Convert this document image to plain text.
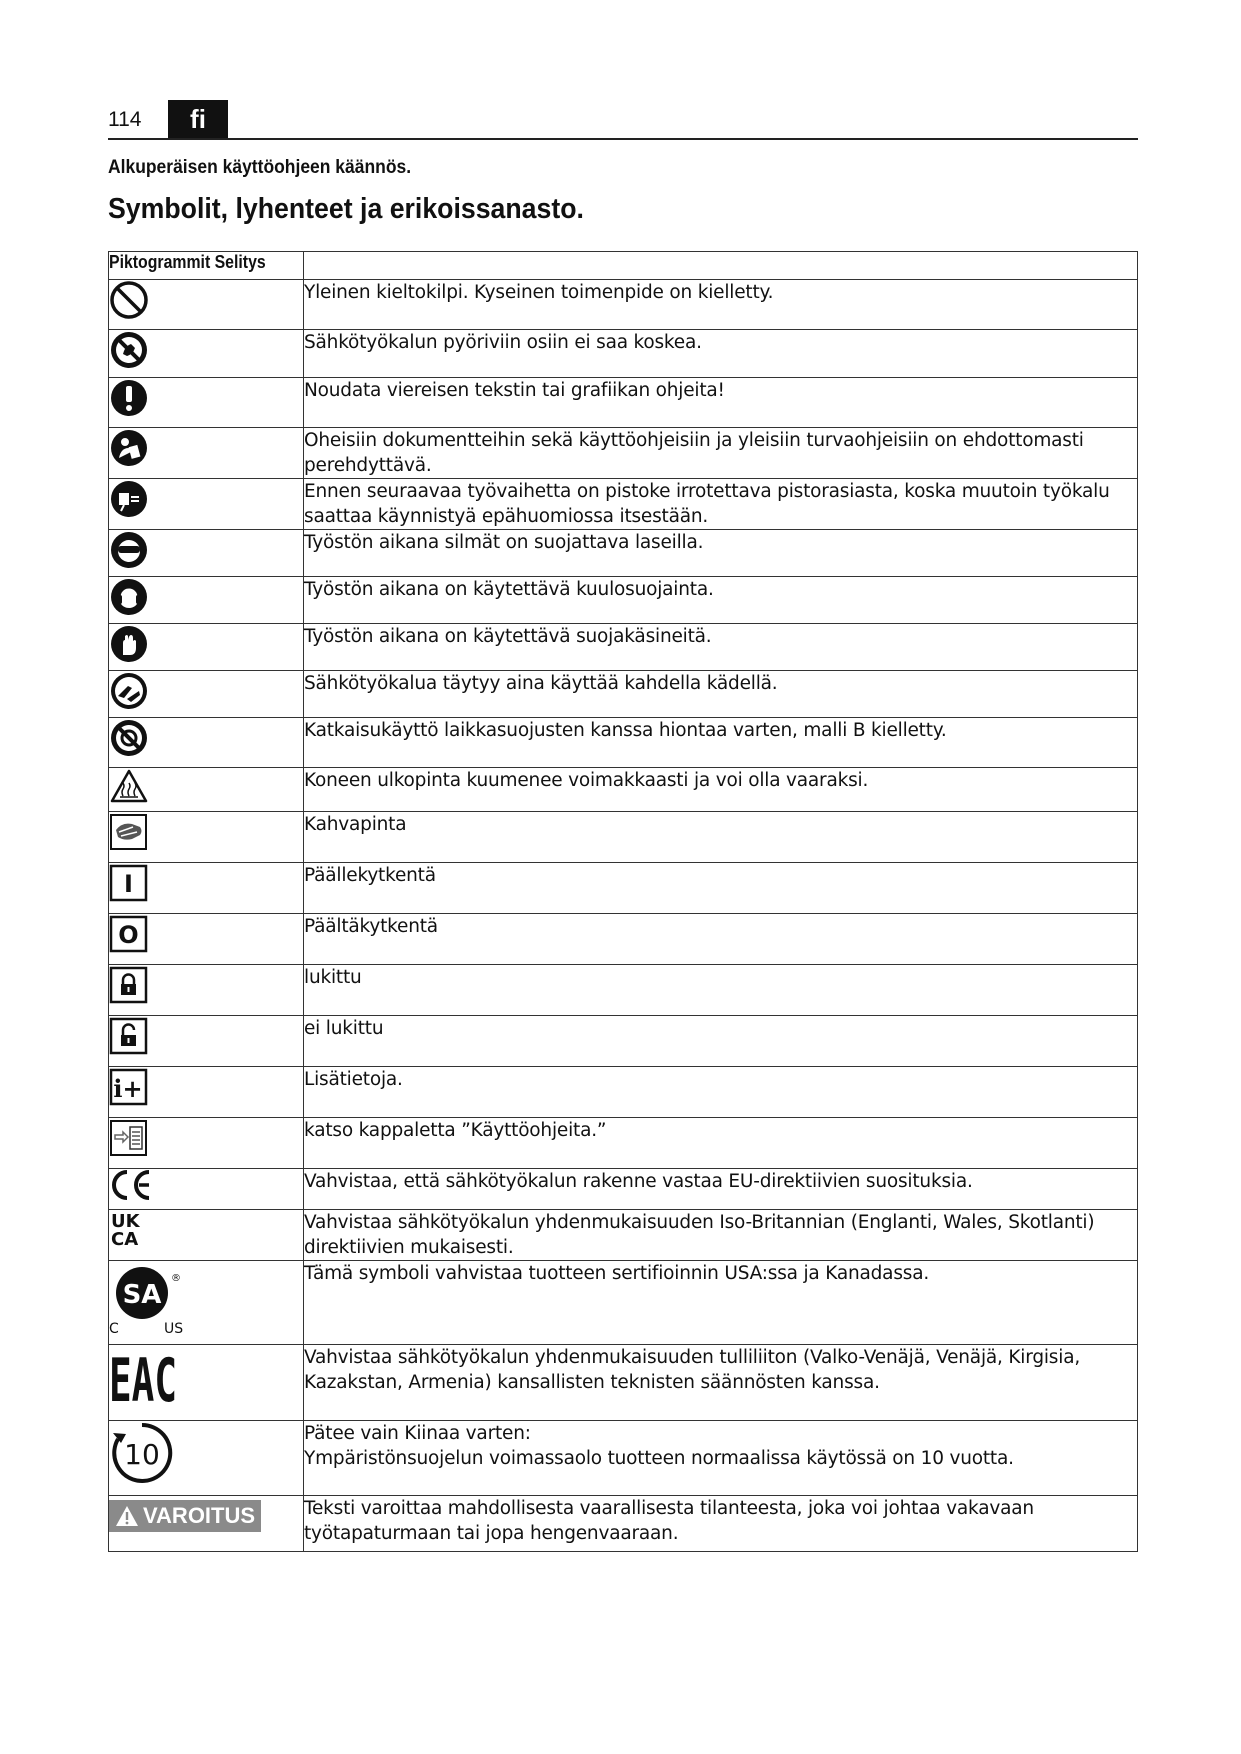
114	fi
Alkuperäisen käyttöohjeen käännös.
Symbolit, lyhenteet ja erikoissanasto.
Piktogrammit Selitys	

	Yleinen kieltokilpi. Kyseinen toimenpide on kielletty.

	Sähkötyökalun pyöriviin osiin ei saa koskea.

	Noudata viereisen tekstin tai grafiikan ohjeita!

	Oheisiin dokumentteihin sekä käyttöohjeisiin ja yleisiin turvaohjeisiin on ehdottomasti perehdyttävä.

	Ennen seuraavaa työvaihetta on pistoke irrotettava pistorasiasta, koska muutoin työkalu saattaa käynnistyä epähuomiossa itsestään.

	Työstön aikana silmät on suojattava laseilla.

	Työstön aikana on käytettävä kuulosuojainta.

	Työstön aikana on käytettävä suojakäsineitä.

	Sähkötyökalua täytyy aina käyttää kahdella kädellä.

	Katkaisukäyttö laikkasuojusten kanssa hiontaa varten, malli B kielletty.

	Koneen ulkopinta kuumenee voimakkaasti ja voi olla vaaraksi.

	Kahvapinta

I	Päällekytkentä

O	Päältäkytkentä

	lukittu

	ei lukittu

i+	Lisätietoja.

	katso kappaletta ”Käyttöohjeita.”

	Vahvistaa, että sähkötyökalun rakenne vastaa EU-direktiivien suosituksia.

UK
CA	Vahvistaa sähkötyökalun yhdenmukaisuuden Iso-Britannian (Englanti, Wales, Skotlanti) direktiivien mukaisesti.

SA
®
C US	Tämä symboli vahvistaa tuotteen sertifioinnin USA:ssa ja Kanadassa.

EAC	Vahvistaa sähkötyökalun yhdenmukaisuuden tulliliiton (Valko-Venäjä, Venäjä, Kirgisia, Kazakstan, Armenia) kansallisten teknisten säännösten kanssa.

10	Pätee vain Kiinaa varten:
Ympäristönsuojelun voimassaolo tuotteen normaalissa käytössä on 10 vuotta.

VAROITUS	Teksti varoittaa mahdollisesta vaarallisesta tilanteesta, joka voi johtaa vakavaan työtapaturmaan tai jopa hengenvaaraan.
